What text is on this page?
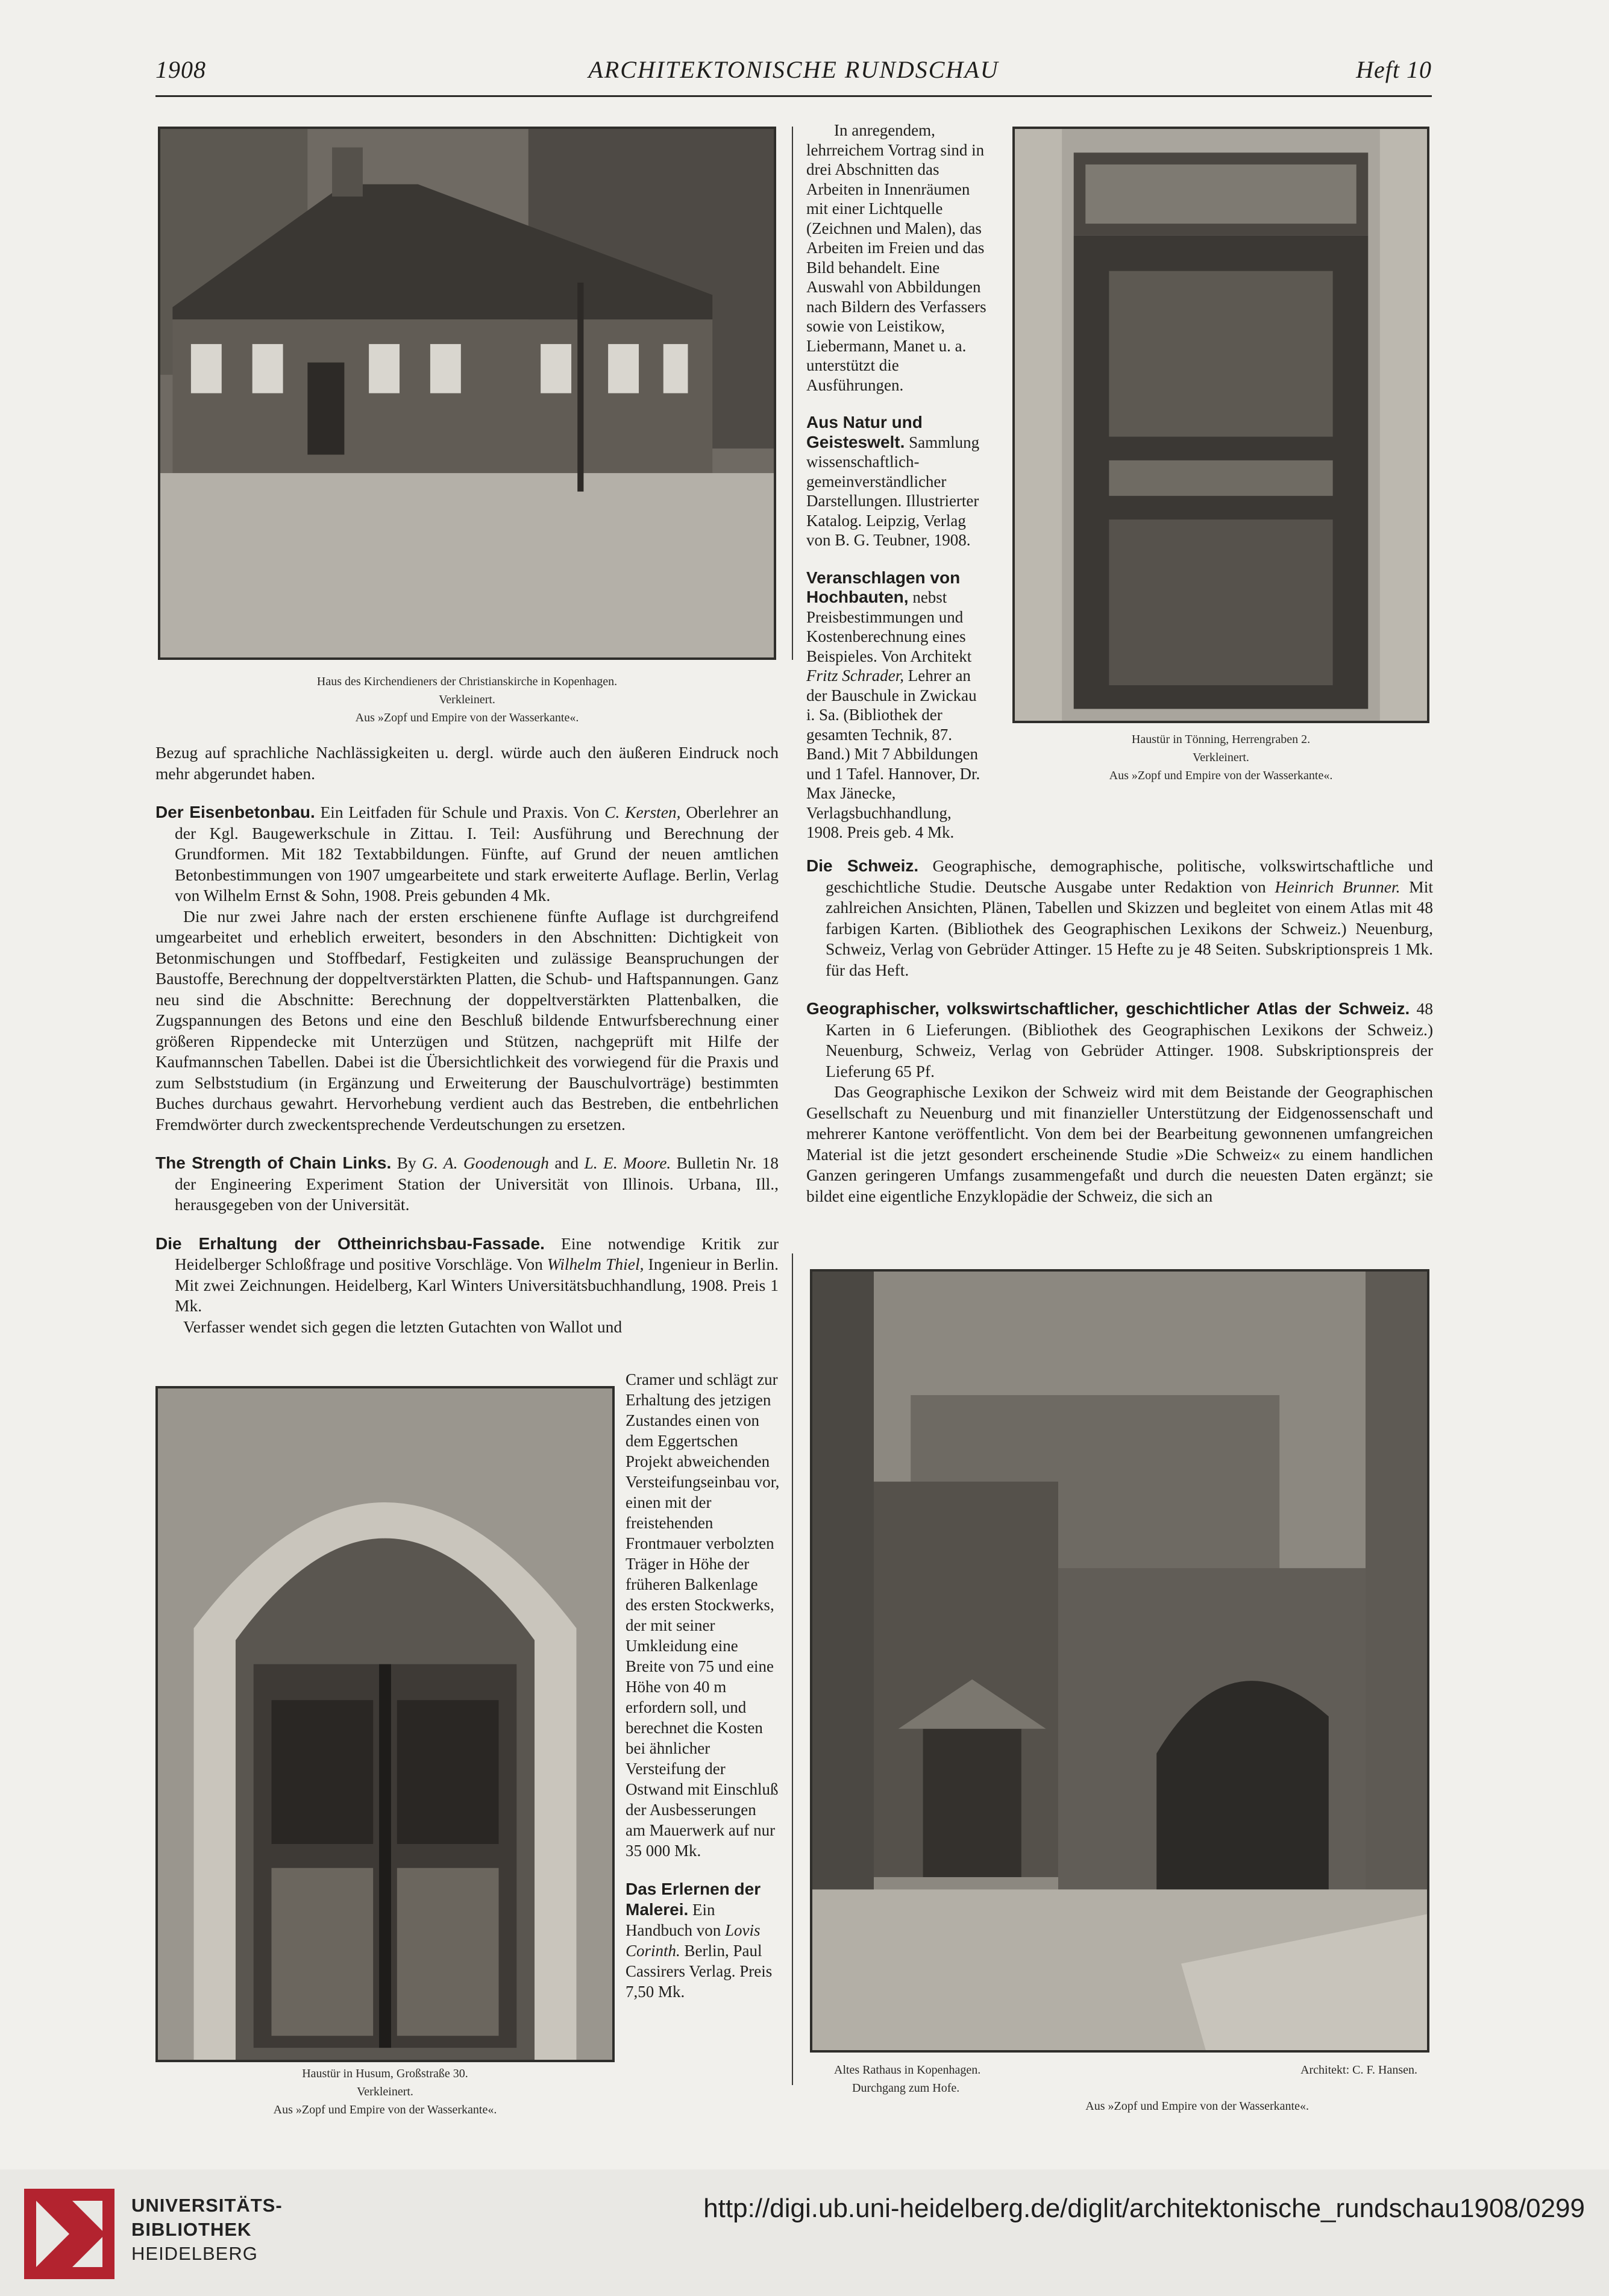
1908	ARCHITEKTONISCHE RUNDSCHAU	Heft 10
Haus des Kirchendieners der Christianskirche in Kopenhagen.
Verkleinert.
Aus »Zopf und Empire von der Wasserkante«.

Bezug auf sprachliche Nachlässigkeiten u. dergl. würde auch den äußeren Eindruck noch mehr abgerundet haben.

Der Eisenbetonbau. Ein Leitfaden für Schule und Praxis. Von C. Kersten, Oberlehrer an der Kgl. Baugewerkschule in Zittau. I. Teil: Ausführung und Berechnung der Grundformen. Mit 182 Textabbildungen. Fünfte, auf Grund der neuen amtlichen Betonbestimmungen von 1907 umgearbeitete und stark erweiterte Auflage. Berlin, Verlag von Wilhelm Ernst & Sohn, 1908. Preis gebunden 4 Mk.

Die nur zwei Jahre nach der ersten erschienene fünfte Auflage ist durchgreifend umgearbeitet und erheblich erweitert, besonders in den Abschnitten: Dichtigkeit von Betonmischungen und Stoffbedarf, Festigkeiten und zulässige Beanspruchungen der Baustoffe, Berechnung der doppeltverstärkten Platten, die Schub- und Haftspannungen. Ganz neu sind die Abschnitte: Berechnung der doppeltverstärkten Plattenbalken, die Zugspannungen des Betons und eine den Beschluß bildende Entwurfsberechnung einer größeren Rippendecke mit Unterzügen und Stützen, nachgeprüft mit Hilfe der Kaufmannschen Tabellen. Dabei ist die Übersichtlichkeit des vorwiegend für die Praxis und zum Selbststudium (in Ergänzung und Erweiterung der Bauschulvorträge) bestimmten Buches durchaus gewahrt. Hervorhebung verdient auch das Bestreben, die entbehrlichen Fremdwörter durch zweckentsprechende Verdeutschungen zu ersetzen.

The Strength of Chain Links. By G. A. Goodenough and L. E. Moore. Bulletin Nr. 18 der Engineering Experiment Station der Universität von Illinois. Urbana, Ill., herausgegeben von der Universität.

Die Erhaltung der Ottheinrichsbau-Fassade. Eine notwendige Kritik zur Heidelberger Schloßfrage und positive Vorschläge. Von Wilhelm Thiel, Ingenieur in Berlin. Mit zwei Zeichnungen. Heidelberg, Karl Winters Universitätsbuchhandlung, 1908. Preis 1 Mk.

Verfasser wendet sich gegen die letzten Gutachten von Wallot und

Haustür in Husum, Großstraße 30.
Verkleinert.
Aus »Zopf und Empire von der Wasserkante«.

Cramer und schlägt zur Erhaltung des jetzigen Zustandes einen von dem Eggertschen Projekt abweichenden Versteifungseinbau vor, einen mit der freistehenden Frontmauer verbolzten Träger in Höhe der früheren Balkenlage des ersten Stockwerks, der mit seiner Umkleidung eine Breite von 75 und eine Höhe von 40 m erfordern soll, und berechnet die Kosten bei ähnlicher Versteifung der Ostwand mit Einschluß der Ausbesserungen am Mauerwerk auf nur 35 000 Mk.

Das Erlernen der Malerei. Ein Handbuch von Lovis Corinth. Berlin, Paul Cassirers Verlag. Preis 7,50 Mk.

In anregendem, lehrreichem Vortrag sind in drei Abschnitten das Arbeiten in Innenräumen mit einer Lichtquelle (Zeichnen und Malen), das Arbeiten im Freien und das Bild behandelt. Eine Auswahl von Abbildungen nach Bildern des Verfassers sowie von Leistikow, Liebermann, Manet u. a. unterstützt die Ausführungen.

Aus Natur und Geisteswelt. Sammlung wissenschaftlich-gemeinverständlicher Darstellungen. Illustrierter Katalog. Leipzig, Verlag von B. G. Teubner, 1908.

Veranschlagen von Hochbauten, nebst Preisbestimmungen und Kostenberechnung eines Beispieles. Von Architekt Fritz Schrader, Lehrer an der Bauschule in Zwickau i. Sa. (Bibliothek der gesamten Technik, 87. Band.) Mit 7 Abbildungen und 1 Tafel. Hannover, Dr. Max Jänecke, Verlagsbuchhandlung, 1908. Preis geb. 4 Mk.

Haustür in Tönning, Herrengraben 2.
Verkleinert.
Aus »Zopf und Empire von der Wasserkante«.

Die Schweiz. Geographische, demographische, politische, volkswirtschaftliche und geschichtliche Studie. Deutsche Ausgabe unter Redaktion von Heinrich Brunner. Mit zahlreichen Ansichten, Plänen, Tabellen und Skizzen und begleitet von einem Atlas mit 48 farbigen Karten. (Bibliothek des Geographischen Lexikons der Schweiz.) Neuenburg, Schweiz, Verlag von Gebrüder Attinger. 15 Hefte zu je 48 Seiten. Subskriptionspreis 1 Mk. für das Heft.

Geographischer, volkswirtschaftlicher, geschichtlicher Atlas der Schweiz. 48 Karten in 6 Lieferungen. (Bibliothek des Geographischen Lexikons der Schweiz.) Neuenburg, Schweiz, Verlag von Gebrüder Attinger. 1908. Subskriptionspreis der Lieferung 65 Pf.

Das Geographische Lexikon der Schweiz wird mit dem Beistande der Geographischen Gesellschaft zu Neuenburg und mit finanzieller Unterstützung der Eidgenossenschaft und mehrerer Kantone veröffentlicht. Von dem bei der Bearbeitung gewonnenen umfangreichen Material ist die jetzt gesondert erscheinende Studie »Die Schweiz« zu einem handlichen Ganzen geringeren Umfangs zusammengefaßt und durch die neuesten Daten ergänzt; sie bildet eine eigentliche Enzyklopädie der Schweiz, die sich an

Altes Rathaus in Kopenhagen.	Architekt: C. F. Hansen.
Durchgang zum Hofe.
Aus »Zopf und Empire von der Wasserkante«.
UNIVERSITÄTS-
BIBLIOTHEK
HEIDELBERG
http://digi.ub.uni-heidelberg.de/diglit/architektonische_rundschau1908/0299
